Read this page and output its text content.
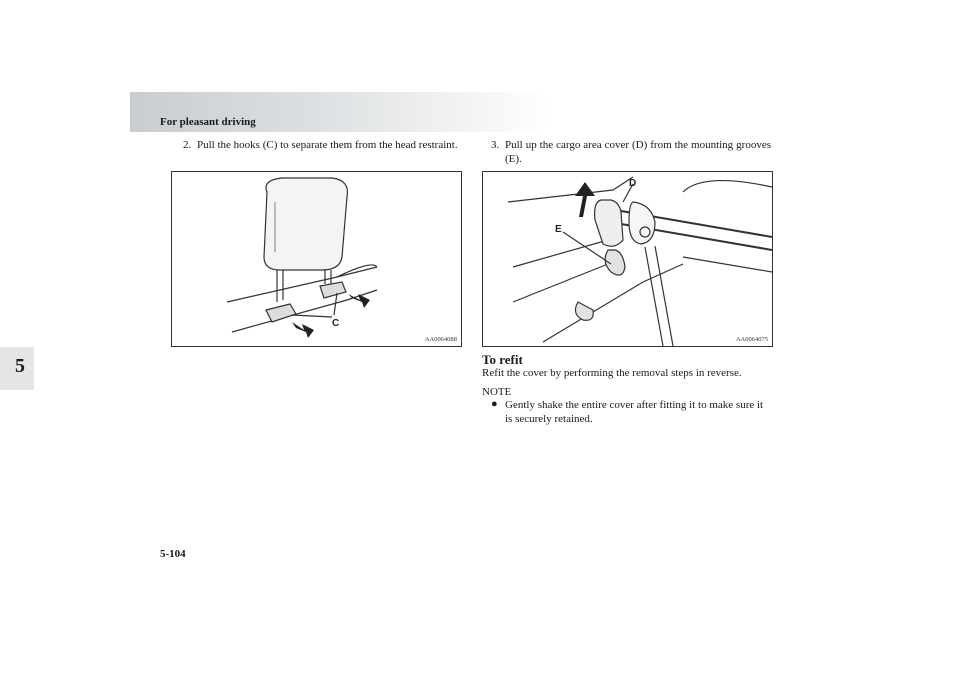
For pleasant driving
5
2. Pull the hooks (C) to separate them from the head restraint.
C
AA0064088
3. Pull up the cargo area cover (D) from the mounting grooves (E).
D
E
AA0064075
To refit
Refit the cover by performing the removal steps in reverse.
NOTE
● Gently shake the entire cover after fitting it to make sure it is securely retained.
5-104
